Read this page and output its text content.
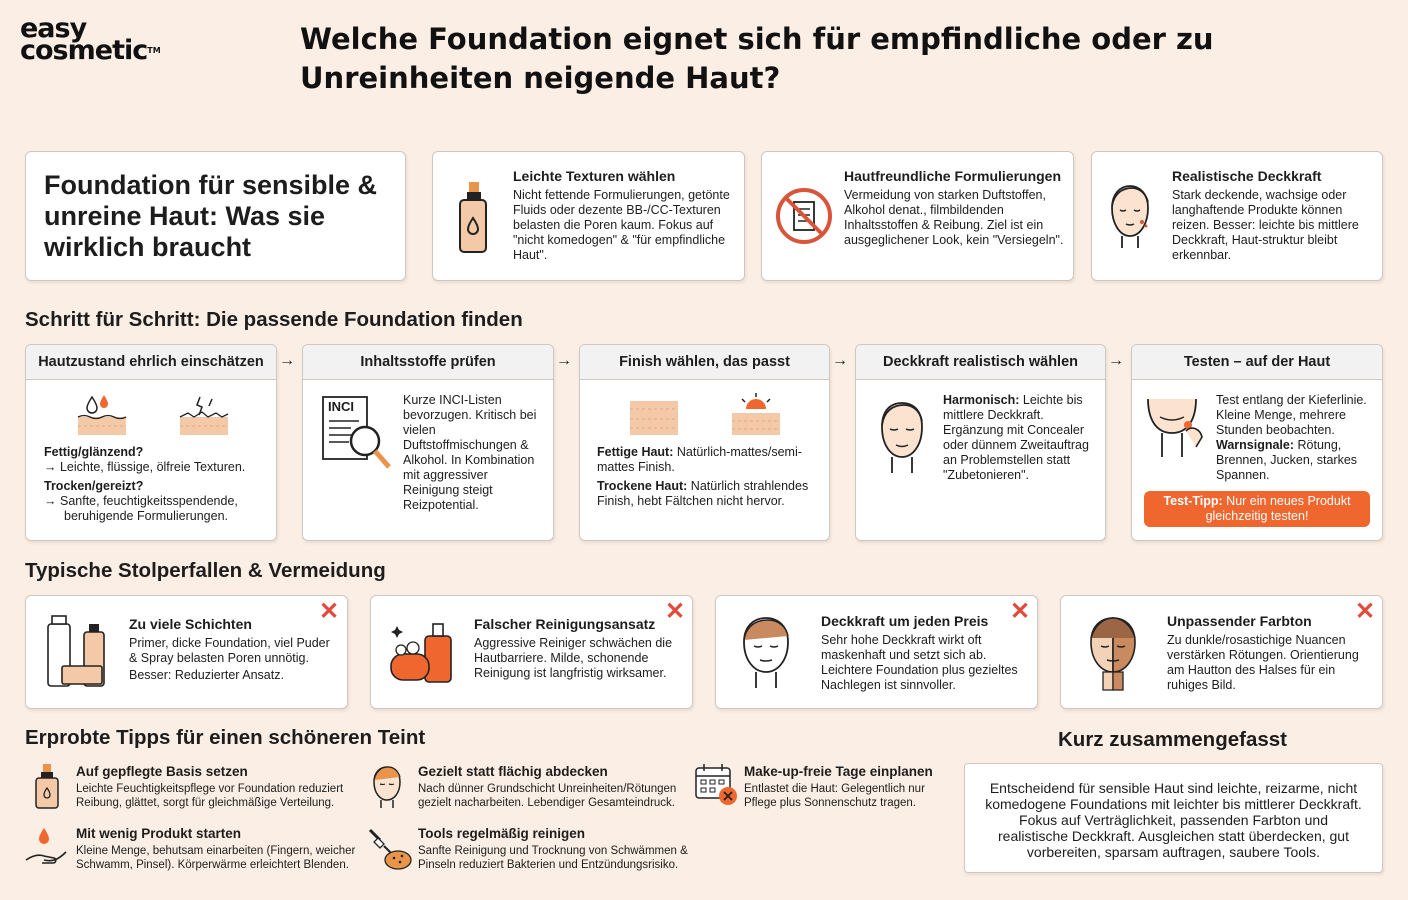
easy
cosmetic™	Welche Foundation eignet sich für empfindliche oder zu Unreinheiten neigende Haut?
Foundation für sensible & unreine Haut: Was sie wirklich braucht
Leichte Texturen wählen
Nicht fettende Formulierungen, getönte Fluids oder dezente BB-/CC-Texturen belasten die Poren kaum. Fokus auf "nicht komedogen" & "für empfindliche Haut".
Hautfreundliche Formulierungen
Vermeidung von starken Duftstoffen, Alkohol denat., filmbildenden Inhaltsstoffen & Reibung. Ziel ist ein ausgeglichener Look, kein "Versiegeln".
Realistische Deckkraft
Stark deckende, wachsige oder langhaftende Produkte können reizen. Besser: leichte bis mittlere Deckkraft, Haut-struktur bleibt erkennbar.
Schritt für Schritt: Die passende Foundation finden
Hautzustand ehrlich einschätzen
Fettig/glänzend?
→ Leichte, flüssige, ölfreie Texturen.
Trocken/gereizt?
→ Sanfte, feuchtigkeitsspendende, beruhigende Formulierungen.
→	Inhaltsstoffe prüfen
INCI	Kurze INCI-Listen bevorzugen. Kritisch bei vielen Duftstoffmischungen & Alkohol. In Kombination mit aggressiver Reinigung steigt Reizpotential.
→	Finish wählen, das passt
Fettige Haut: Natürlich-mattes/semi-mattes Finish.
Trockene Haut: Natürlich strahlendes Finish, hebt Fältchen nicht hervor.
→	Deckkraft realistisch wählen
Harmonisch: Leichte bis mittlere Deckkraft. Ergänzung mit Concealer oder dünnem Zweitauftrag an Problemstellen statt "Zubetonieren".
→	Testen – auf der Haut
Test entlang der Kieferlinie. Kleine Menge, mehrere Stunden beobachten.
Warnsignale: Rötung, Brennen, Jucken, starkes Spannen.
Test-Tipp: Nur ein neues Produkt gleichzeitig testen!
Typische Stolperfallen & Vermeidung
Zu viele Schichten
Primer, dicke Foundation, viel Puder & Spray belasten Poren unnötig.
Besser: Reduzierter Ansatz.
✕	Falscher Reinigungsansatz
Aggressive Reiniger schwächen die Hautbarriere. Milde, schonende Reinigung ist langfristig wirksamer.
✕	Deckkraft um jeden Preis
Sehr hohe Deckkraft wirkt oft maskenhaft und setzt sich ab. Leichtere Foundation plus gezieltes Nachlegen ist sinnvoller.
✕	Unpassender Farbton
Zu dunkle/rosastichige Nuancen verstärken Rötungen. Orientierung am Hautton des Halses für ein ruhiges Bild.
✕
Erprobte Tipps für einen schöneren Teint
Auf gepflegte Basis setzen
Leichte Feuchtigkeitspflege vor Foundation reduziert Reibung, glättet, sorgt für gleichmäßige Verteilung.
Mit wenig Produkt starten
Kleine Menge, behutsam einarbeiten (Fingern, weicher Schwamm, Pinsel). Körperwärme erleichtert Blenden.
Gezielt statt flächig abdecken
Nach dünner Grundschicht Unreinheiten/Rötungen gezielt nacharbeiten. Lebendiger Gesamteindruck.
Tools regelmäßig reinigen
Sanfte Reinigung und Trocknung von Schwämmen & Pinseln reduziert Bakterien und Entzündungsrisiko.
Make-up-freie Tage einplanen
Entlastet die Haut: Gelegentlich nur Pflege plus Sonnenschutz tragen.
Kurz zusammengefasst
Entscheidend für sensible Haut sind leichte, reizarme, nicht komedogene Foundations mit leichter bis mittlerer Deckkraft. Fokus auf Verträglichkeit, passenden Farbton und realistische Deckkraft. Ausgleichen statt überdecken, gut vorbereiten, sparsam auftragen, saubere Tools.
